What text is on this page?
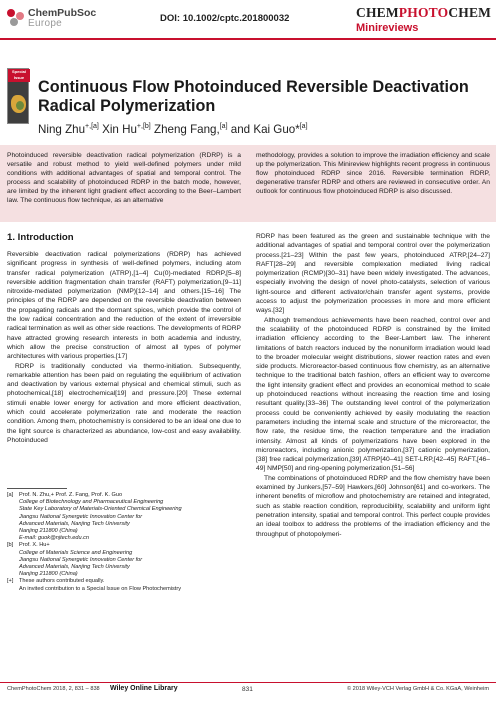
ChemPubSoc
Europe	DOI: 10.1002/cptc.201800032	CHEMPHOTOCHEM
Minireviews
Special
Issue
Continuous Flow Photoinduced Reversible Deactivation Radical Polymerization
Ning Zhu$^{+,[a]}$ Xin $Hu^{+,[b]}$ Zheng Fang,[a] and Kai Guo*[a]
Photoinduced reversible deactivation radical polymerization (RDRP) is a versatile and robust method to yield well-defined polymers under mild conditions with additional advantages of spatial and temporal control. The process and scalability of photoinduced RDRP in the batch mode, however, are limited by the inherent light gradient effect according to the Beer–Lambert law. The continuous flow technique, as an alternative
methodology, provides a solution to improve the irradiation efficiency and scale up the polymerization. This Minireview highlights recent progress in continuous flow photoinduced RDRP since 2016. Reversible termination RDRP, degenerative transfer RDRP and others are reviewed in consecutive order. An outlook for continuous flow photoinduced RDRP is also discussed.
1. Introduction

Reversible deactivation radical polymerizations (RDRP) has achieved significant progress in synthesis of well-defined polymers, including atom transfer radical polymerization (ATRP),[1–4] Cu(0)-mediated RDRP,[5–8] reversible addition fragmentation chain transfer (RAFT) polymerization,[9–11] nitroxide-mediated polymerization (NMP)[12–14] and others.[15–16] The principles of the RDRP are depended on the reversible deactivation between the propagating radicals and the dormant spices, which provide the control of the low radical concentration and the reduction of the extent of irreversible radical termination as well as other side reactions. The developments of RDRP have attracted growing research interests in both academia and industry, which allow the precise construction of almost all types of polymer architectures with various properties.[17]

RDRP is traditionally conducted via thermo-initiation. Subsequently, remarkable attention has been paid on regulating the equilibrium of activation and deactivation by various external physical and chemical stimuli, such as photochemical,[18] electrochemical[19] and pressure.[20] These external stimuli enable lower energy for activation and more efficient deactivation, which could accelerate polymerization rate and moderate the reaction condition. Among them, photochemistry is considered to be an ideal one due to the light source is characterized as abundance, low-cost and easy availability. Photoinduced

RDRP has been featured as the green and sustainable technique with the additional advantages of spatial and temporal control over the polymerization process.[21–23] Within the past few years, photoinduced ATRP,[24–27] RAFT[28–29] and reversible complexation mediated living radical polymerization (RCMP)[30–31] have been widely investigated. The advances, especially involving the design of novel photo-catalysts, selection of various light-source and different activator/chain transfer agent systems, provide access to adjust the polymerization processes in more and more efficient ways.[32]

Although tremendous achievements have been reached, control over and the scalability of the photoinduced RDRP is constrained by the limited irradiation efficiency according to the Beer-Lambert law. The inherent limitations of batch reactors induced by the nonuniform irradiation would lead to the broader molecular weight distributions, slower reaction rates and even side products. Microreactor-based continuous flow chemistry, as an alternative technique to the traditional batch fashion, offers an efficient way to overcome the light intensity gradient effect and provides an economical method to scale up photoinduced reactions without increasing the reaction time and losing resultant quality.[33–36] The outstanding level control of the polymerization process could be conveniently achieved by easily modulating the reaction parameters including the internal scale and structure of the microreactor, the flow rate, the residue time, the reaction temperature and the irradiation intensity. Almost all kinds of polymerizations have been explored in the microreactors, including anionic polymerization,[37] cationic polymerization,[38] free radical polymerization,[39] ATRP[40–41] SET-LRP,[42–45] RAFT,[46–49] NMP[50] and ring-opening polymerization.[51–56]

The combinations of photoinduced RDRP and the flow chemistry have been examined by Junkers,[57–59] Hawkers,[60] Johnson[61] and co-workers. The inherent benefits of microflow and photochemistry are retained and integrated, such as stable reaction condition, reproducibility, scalability and uniform light penetration intensity, spatial and temporal control. This perfect couple provides an ideal toolbox to address the problems of the irradiation efficiency and the throughput of photopolymeri-

[a]	Prof. N. Zhu,+ Prof. Z. Fang, Prof. K. Guo
College of Biotechnology and Pharmaceutical Engineering
State Key Laboratory of Materials-Oriented Chemical Engineering
Jiangsu National Synergetic Innovation Center for
Advanced Materials, Nanjing Tech University
Nanjing 211800 (China)
E-mail: guok@njtech.edu.cn
[b]	Prof. X. Hu+
College of Materials Science and Engineering
Jiangsu National Synergetic Innovation Center for
Advanced Materials, Nanjing Tech University
Nanjing 211800 (China)
[+]	These authors contributed equally.
An invited contribution to a Special Issue on Flow Photochemistry
ChemPhotoChem 2018, 2, 831 – 838 Wiley Online Library	831	© 2018 Wiley-VCH Verlag GmbH & Co. KGaA, Weinheim
